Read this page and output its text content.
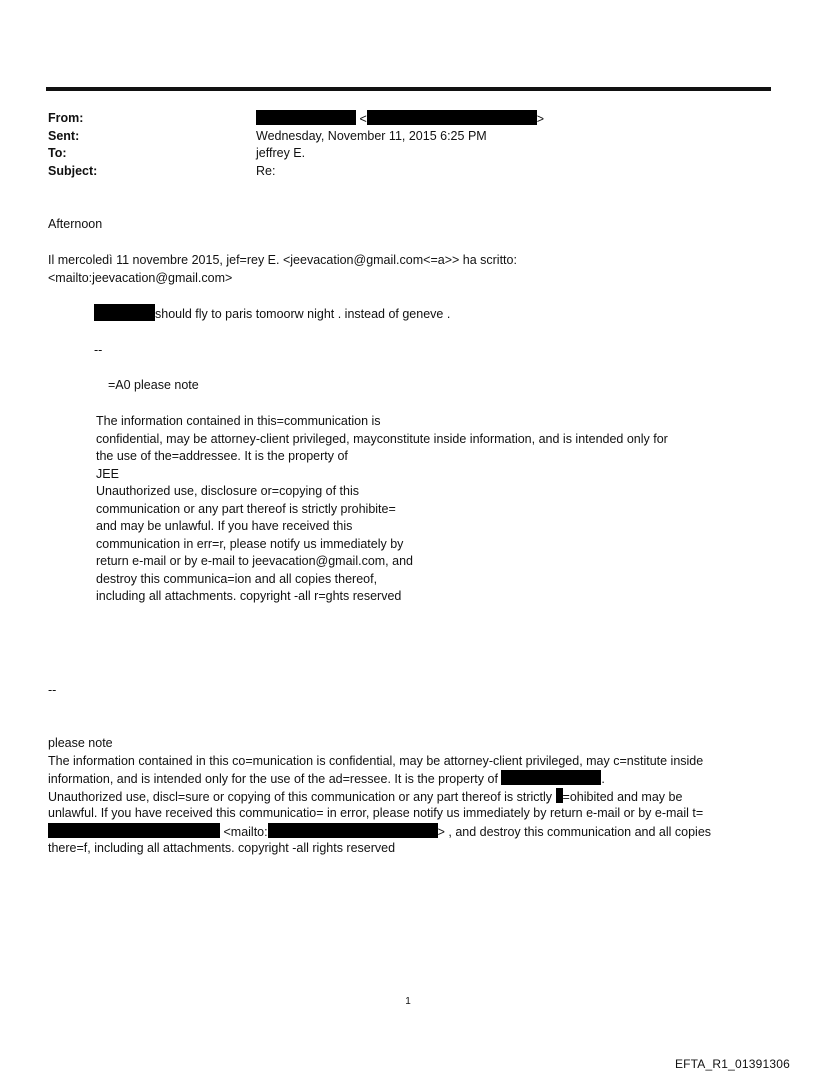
From:	<	>
Sent:	Wednesday, November 11, 2015 6:25 PM
To:	jeffrey E.
Subject:	Re:
Afternoon
Il mercoledì 11 novembre 2015, jef=rey E. <jeevacation@gmail.com<=a>> ha scritto:
<mailto:jeevacation@gmail.com>
should fly to paris tomoorw night . instead of geneve .
--
=A0 please note
The information contained in this=communication is
confidential, may be attorney-client privileged, mayconstitute inside information, and is intended only for
the use of the=addressee. It is the property of
JEE
Unauthorized use, disclosure or=copying of this
communication or any part thereof is strictly prohibite=
and may be unlawful. If you have received this
communication in err=r, please notify us immediately by
return e-mail or by e-mail to jeevacation@gmail.com, and
destroy this communica=ion and all copies thereof,
including all attachments. copyright -all r=ghts reserved
--
please note
The information contained in this co=munication is confidential, may be attorney-client privileged, may c=nstitute inside
information, and is intended only for the use of the ad=ressee. It is the property of	.
Unauthorized use, discl=sure or copying of this communication or any part thereof is strictly =ohibited and may be
unlawful. If you have received this communicatio= in error, please notify us immediately by return e-mail or by e-mail t=
<mailto:	> , and destroy this communication and all copies
there=f, including all attachments. copyright -all rights reserved
1
EFTA_R1_01391306
